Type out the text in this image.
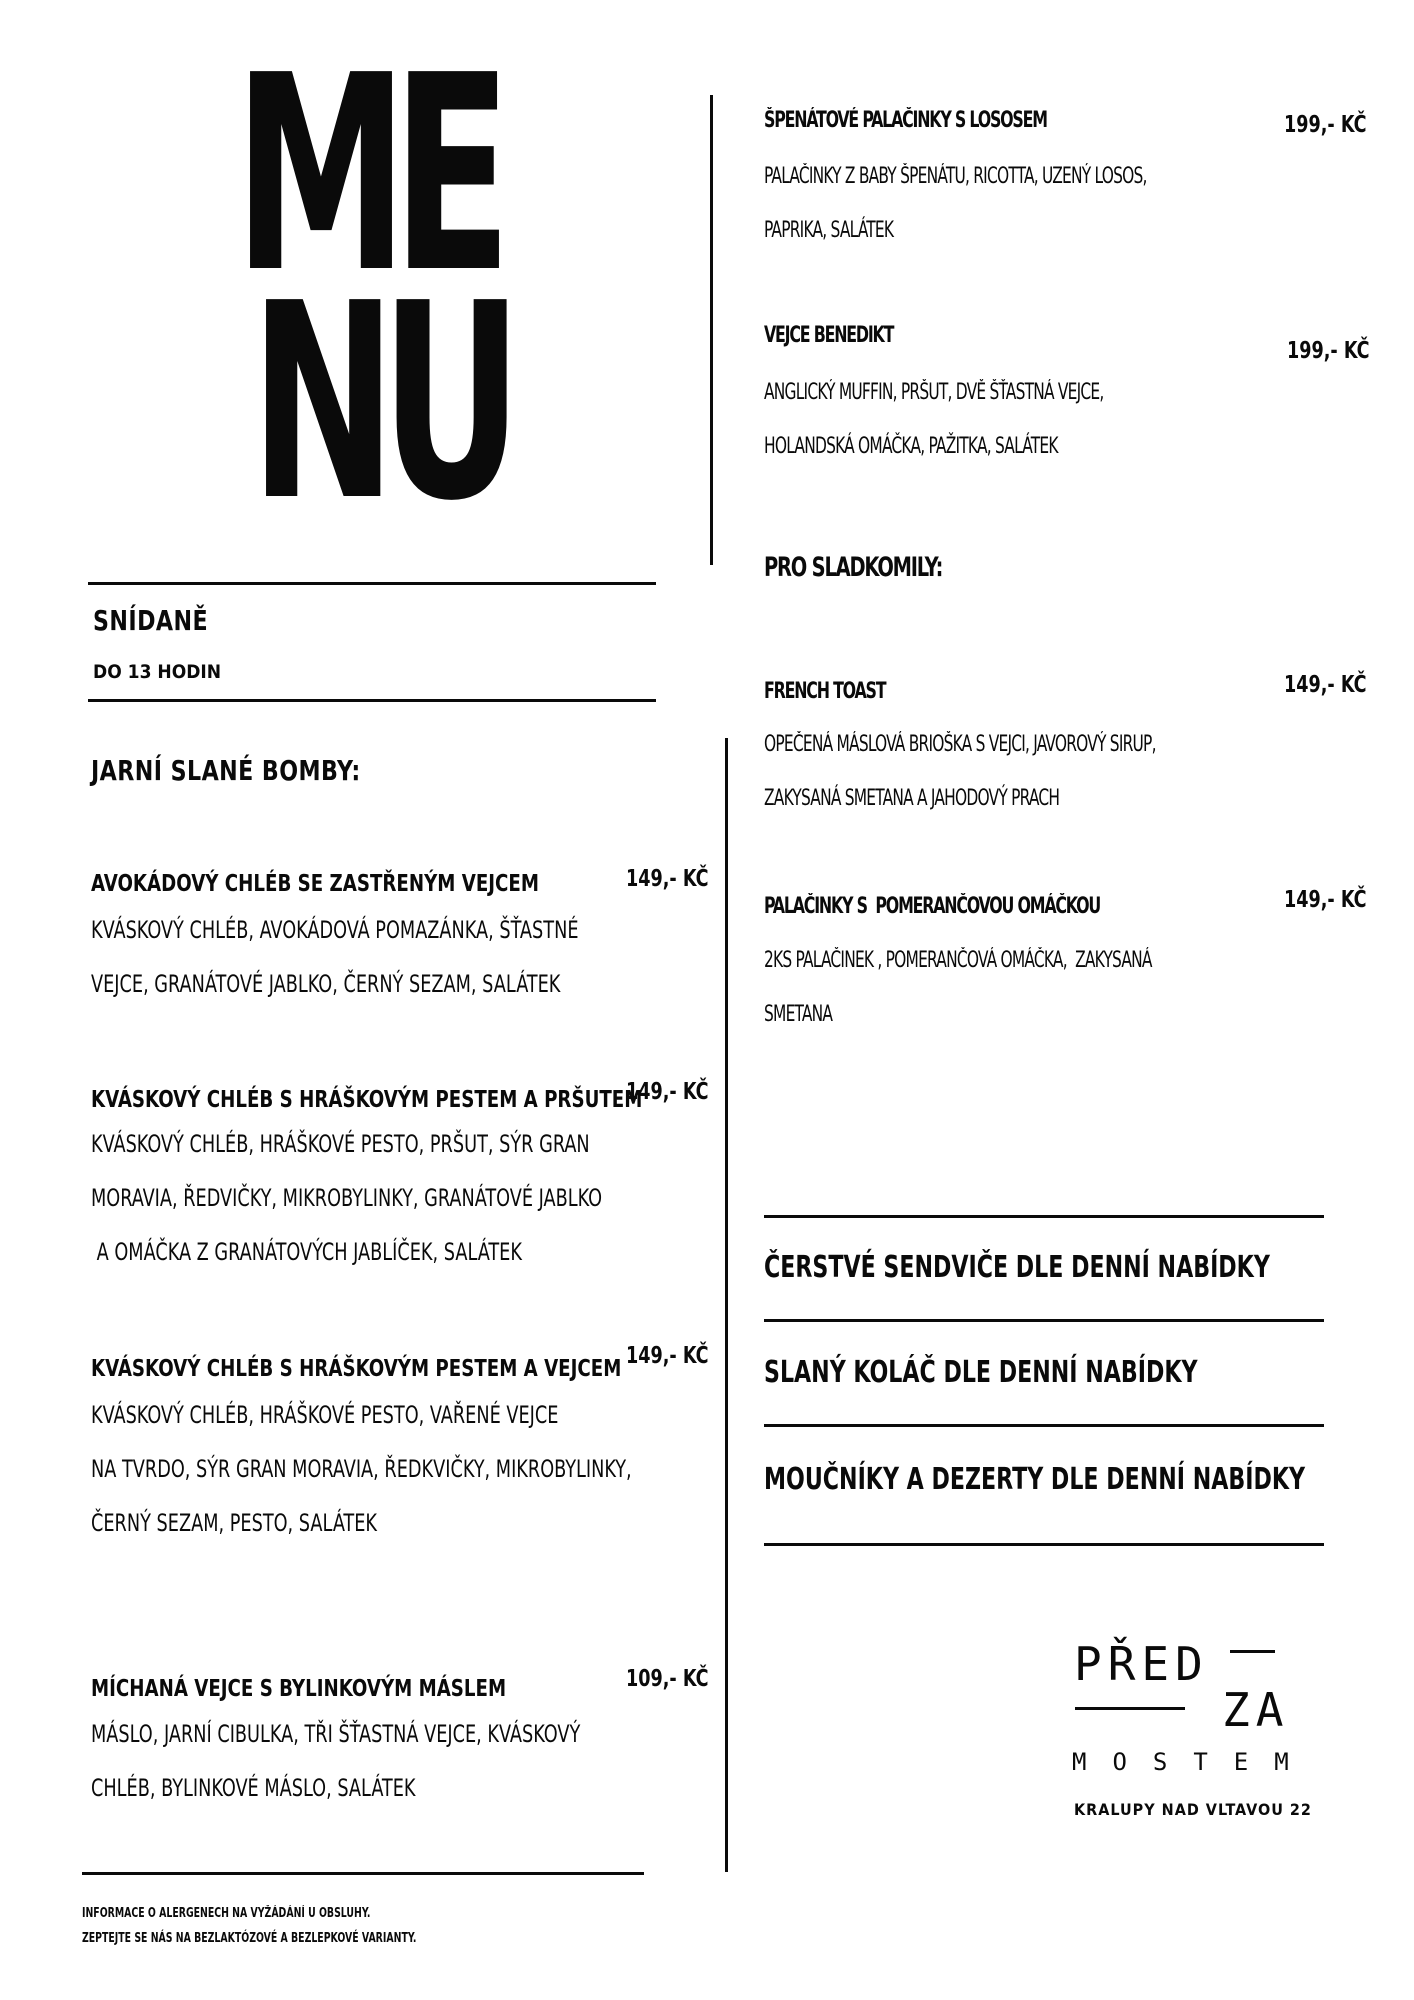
ME
NU
SNÍDANĚ
DO 13 HODIN
JARNÍ SLANÉ BOMBY:
AVOKÁDOVÝ CHLÉB SE ZASTŘENÝM VEJCEM	149,- KČ
KVÁSKOVÝ CHLÉB, AVOKÁDOVÁ POMAZÁNKA, ŠŤASTNÉ
VEJCE, GRANÁTOVÉ JABLKO, ČERNÝ SEZAM, SALÁTEK
KVÁSKOVÝ CHLÉB S HRÁŠKOVÝM PESTEM A PRŠUTEM
149,- KČ
KVÁSKOVÝ CHLÉB, HRÁŠKOVÉ PESTO, PRŠUT, SÝR GRAN
MORAVIA, ŘEDVIČKY, MIKROBYLINKY, GRANÁTOVÉ JABLKO
A OMÁČKA Z GRANÁTOVÝCH JABLÍČEK, SALÁTEK
KVÁSKOVÝ CHLÉB S HRÁŠKOVÝM PESTEM A VEJCEM 149,- KČ
KVÁSKOVÝ CHLÉB, HRÁŠKOVÉ PESTO, VAŘENÉ VEJCE
NA TVRDO, SÝR GRAN MORAVIA, ŘEDKVIČKY, MIKROBYLINKY,
ČERNÝ SEZAM, PESTO, SALÁTEK
MÍCHANÁ VEJCE S BYLINKOVÝM MÁSLEM	109,- KČ
MÁSLO, JARNÍ CIBULKA, TŘI ŠŤASTNÁ VEJCE, KVÁSKOVÝ
CHLÉB, BYLINKOVÉ MÁSLO, SALÁTEK
ŠPENÁTOVÉ PALAČINKY S LOSOSEM	199,- KČ
PALAČINKY Z BABY ŠPENÁTU, RICOTTA, UZENÝ LOSOS,
PAPRIKA, SALÁTEK
VEJCE BENEDIKT
199,- KČ
ANGLICKÝ MUFFIN, PRŠUT, DVĚ ŠŤASTNÁ VEJCE,
HOLANDSKÁ OMÁČKA, PAŽITKA, SALÁTEK
PRO SLADKOMILY:
FRENCH TOAST	149,- KČ
OPEČENÁ MÁSLOVÁ BRIOŠKA S VEJCI, JAVOROVÝ SIRUP,
ZAKYSANÁ SMETANA A JAHODOVÝ PRACH
PALAČINKY S  POMERANČOVOU OMÁČKOU	149,- KČ
2KS PALAČINEK , POMERANČOVÁ OMÁČKA,  ZAKYSANÁ
SMETANA
ČERSTVÉ SENDVIČE DLE DENNÍ NABÍDKY
SLANÝ KOLÁČ DLE DENNÍ NABÍDKY
MOUČNÍKY A DEZERTY DLE DENNÍ NABÍDKY
PŘED
ZA
MOSTEM
KRALUPY NAD VLTAVOU 22
INFORMACE O ALERGENECH NA VYŽÁDÁNÍ U OBSLUHY.
ZEPTEJTE SE NÁS NA BEZLAKTÓZOVÉ A BEZLEPKOVÉ VARIANTY.
